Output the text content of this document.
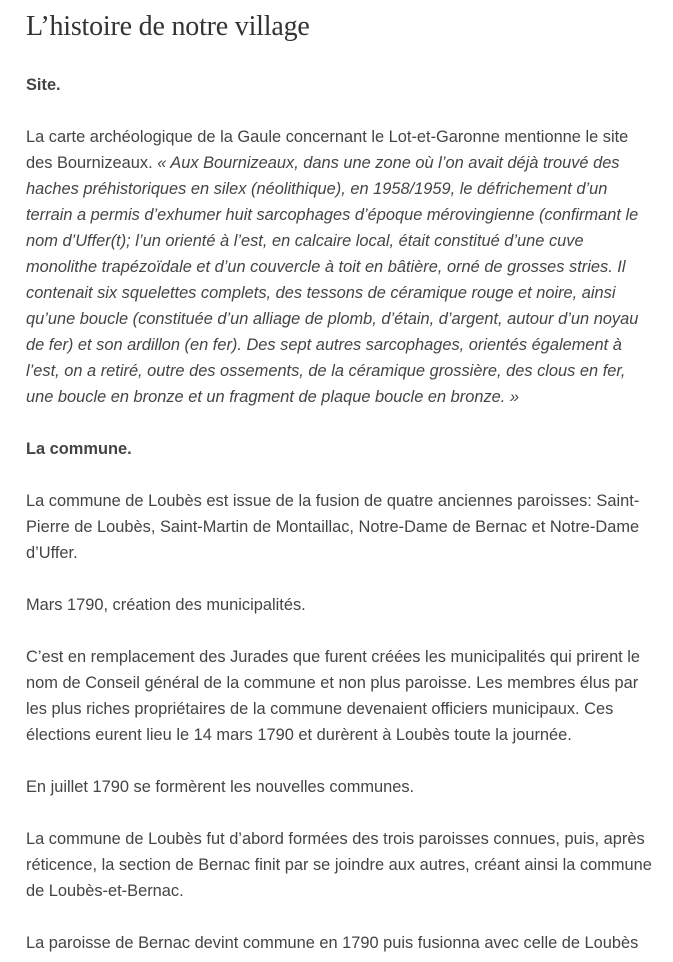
L’histoire de notre village

Site.

La carte archéologique de la Gaule concernant le Lot-et-Garonne mentionne le site des Bournizeaux. « Aux Bournizeaux, dans une zone où l’on avait déjà trouvé des haches préhistoriques en silex (néolithique), en 1958/1959, le défrichement d’un terrain a permis d’exhumer huit sarcophages d’époque mérovingienne (confirmant le nom d’Uffer(t); l’un orienté à l’est, en calcaire local, était constitué d’une cuve monolithe trapézoïdale et d’un couvercle à toit en bâtière, orné de grosses stries. Il contenait six squelettes complets, des tessons de céramique rouge et noire, ainsi qu’une boucle (constituée d’un alliage de plomb, d’étain, d’argent, autour d’un noyau de fer) et son ardillon (en fer). Des sept autres sarcophages, orientés également à l’est, on a retiré, outre des ossements, de la céramique grossière, des clous en fer, une boucle en bronze et un fragment de plaque boucle en bronze. »

La commune.

La commune de Loubès est issue de la fusion de quatre anciennes paroisses: Saint-Pierre de Loubès, Saint-Martin de Montaillac, Notre-Dame de Bernac et Notre-Dame d’Uffer.

Mars 1790, création des municipalités.

C’est en remplacement des Jurades que furent créées les municipalités qui prirent le nom de Conseil général de la commune et non plus paroisse. Les membres élus par les plus riches propriétaires de la commune devenaient officiers municipaux. Ces élections eurent lieu le 14 mars 1790 et durèrent à Loubès toute la journée.

En juillet 1790 se formèrent les nouvelles communes.

La commune de Loubès fut d’abord formées des trois paroisses connues, puis, après réticence, la section de Bernac finit par se joindre aux autres, créant ainsi la commune de Loubès-et-Bernac.

La paroisse de Bernac devint commune en 1790 puis fusionna avec celle de Loubès
